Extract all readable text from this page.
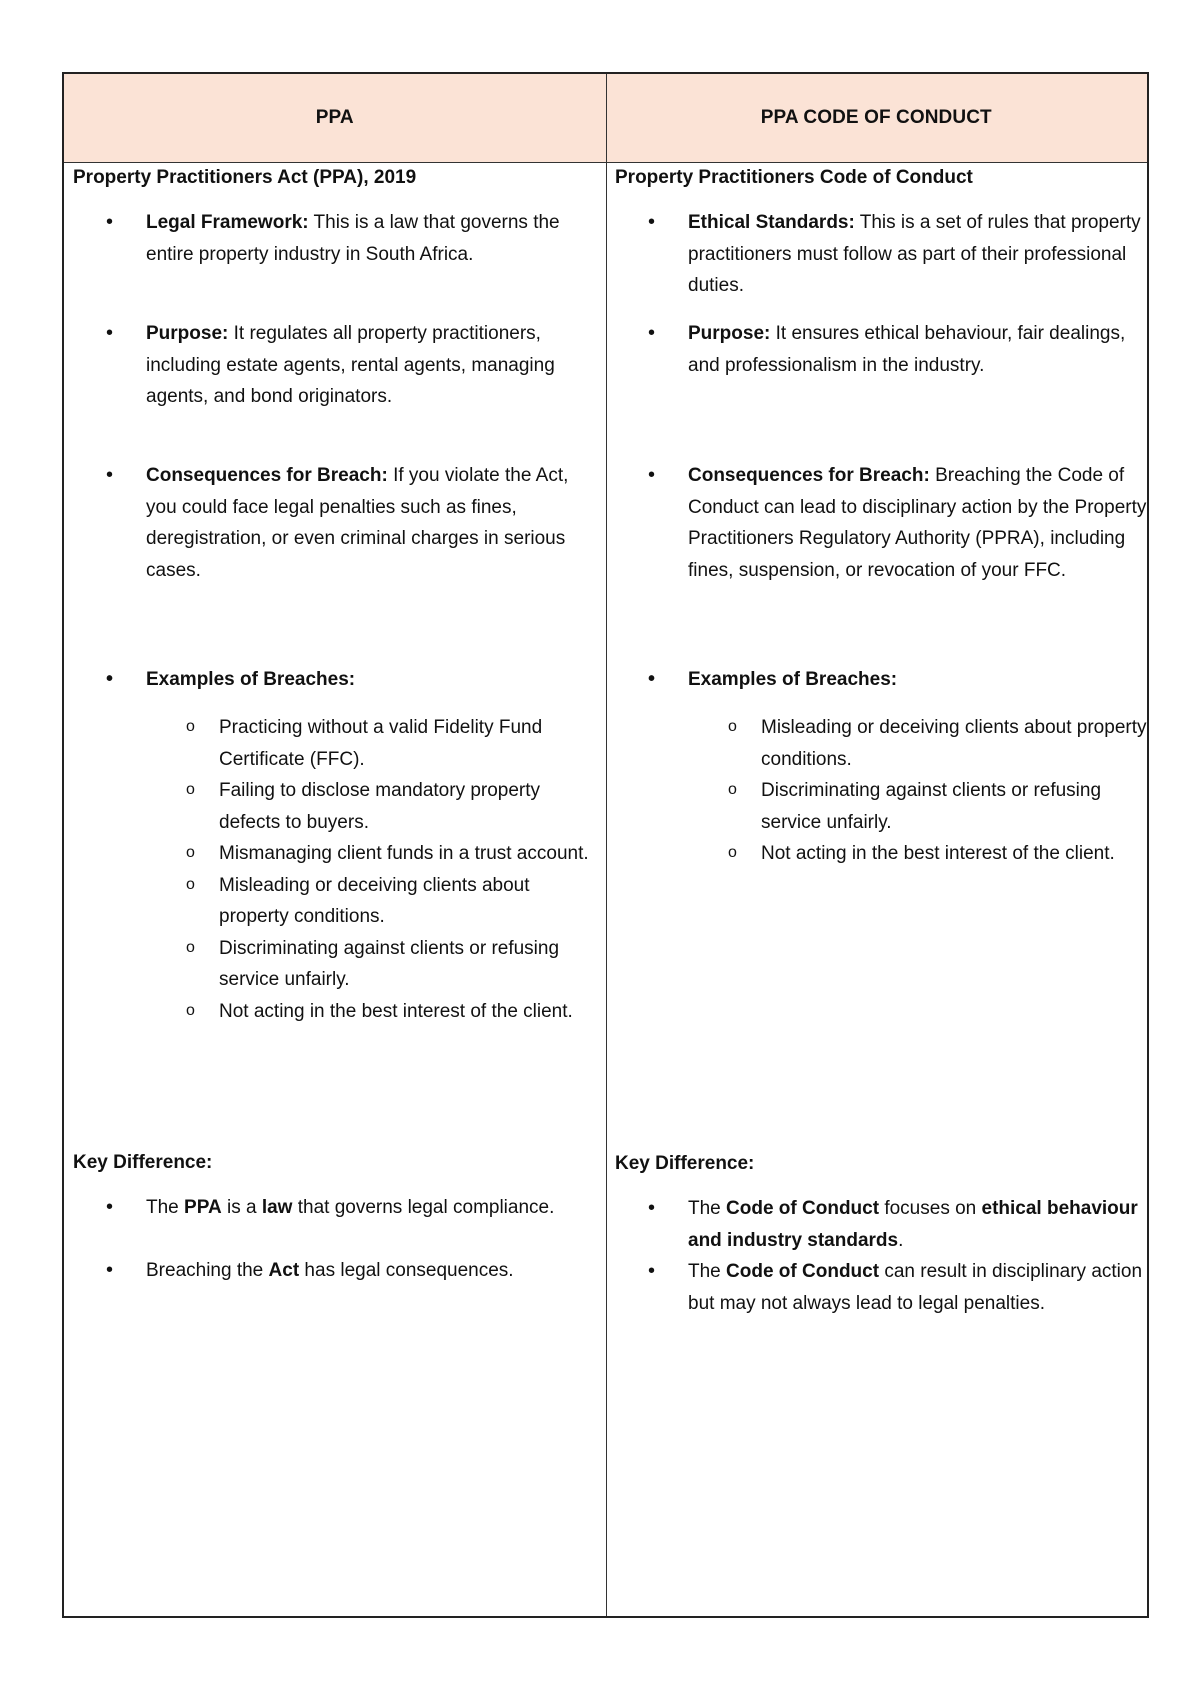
PPA	PPA CODE OF CONDUCT
Property Practitioners Act (PPA), 2019
• Legal Framework: This is a law that governs the entire property industry in South Africa.
• Purpose: It regulates all property practitioners, including estate agents, rental agents, managing agents, and bond originators.
• Consequences for Breach: If you violate the Act, you could face legal penalties such as fines, deregistration, or even criminal charges in serious cases.
• Examples of Breaches:
o Practicing without a valid Fidelity Fund Certificate (FFC).
o Failing to disclose mandatory property defects to buyers.
o Mismanaging client funds in a trust account.
o Misleading or deceiving clients about property conditions.
o Discriminating against clients or refusing service unfairly.
o Not acting in the best interest of the client.
Key Difference:
• The PPA is a law that governs legal compliance.
• Breaching the Act has legal consequences.
Property Practitioners Code of Conduct
• Ethical Standards: This is a set of rules that property practitioners must follow as part of their professional duties.
• Purpose: It ensures ethical behaviour, fair dealings, and professionalism in the industry.
• Consequences for Breach: Breaching the Code of Conduct can lead to disciplinary action by the Property Practitioners Regulatory Authority (PPRA), including fines, suspension, or revocation of your FFC.
• Examples of Breaches:
o Misleading or deceiving clients about property conditions.
o Discriminating against clients or refusing service unfairly.
o Not acting in the best interest of the client.
Key Difference:
• The Code of Conduct focuses on ethical behaviour and industry standards.
• The Code of Conduct can result in disciplinary action but may not always lead to legal penalties.
